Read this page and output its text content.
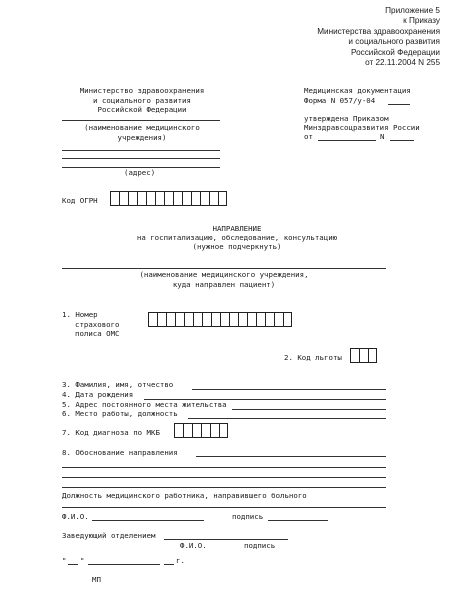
Приложение 5
к Приказу
Министерства здравоохранения
и социального развития
Российской Федерации
от 22.11.2004 N 255
Министерство здравоохранения
и социального развития
Российской Федерации
(наименование медицинского
учреждения)
(адрес)
Медицинская документация
Форма N 057/у-04
утверждена Приказом
Минздравсоцразвития России
от	N
Код ОГРН
НАПРАВЛЕНИЕ
на госпитализацию, обследование, консультацию
(нужное подчеркнуть)
(наименование медицинского учреждения,
куда направлен пациент)
1. Номер
страхового
полиса ОМС
2. Код льготы
3. Фамилия, имя, отчество
4. Дата рождения
5. Адрес постоянного места жительства
6. Место работы, должность
7. Код диагноза по МКБ
8. Обоснование направления
Должность медицинского работника, направившего больного
Ф.И.О.	подпись
Заведующий отделением
Ф.И.О.	подпись
" "	г.
МП
